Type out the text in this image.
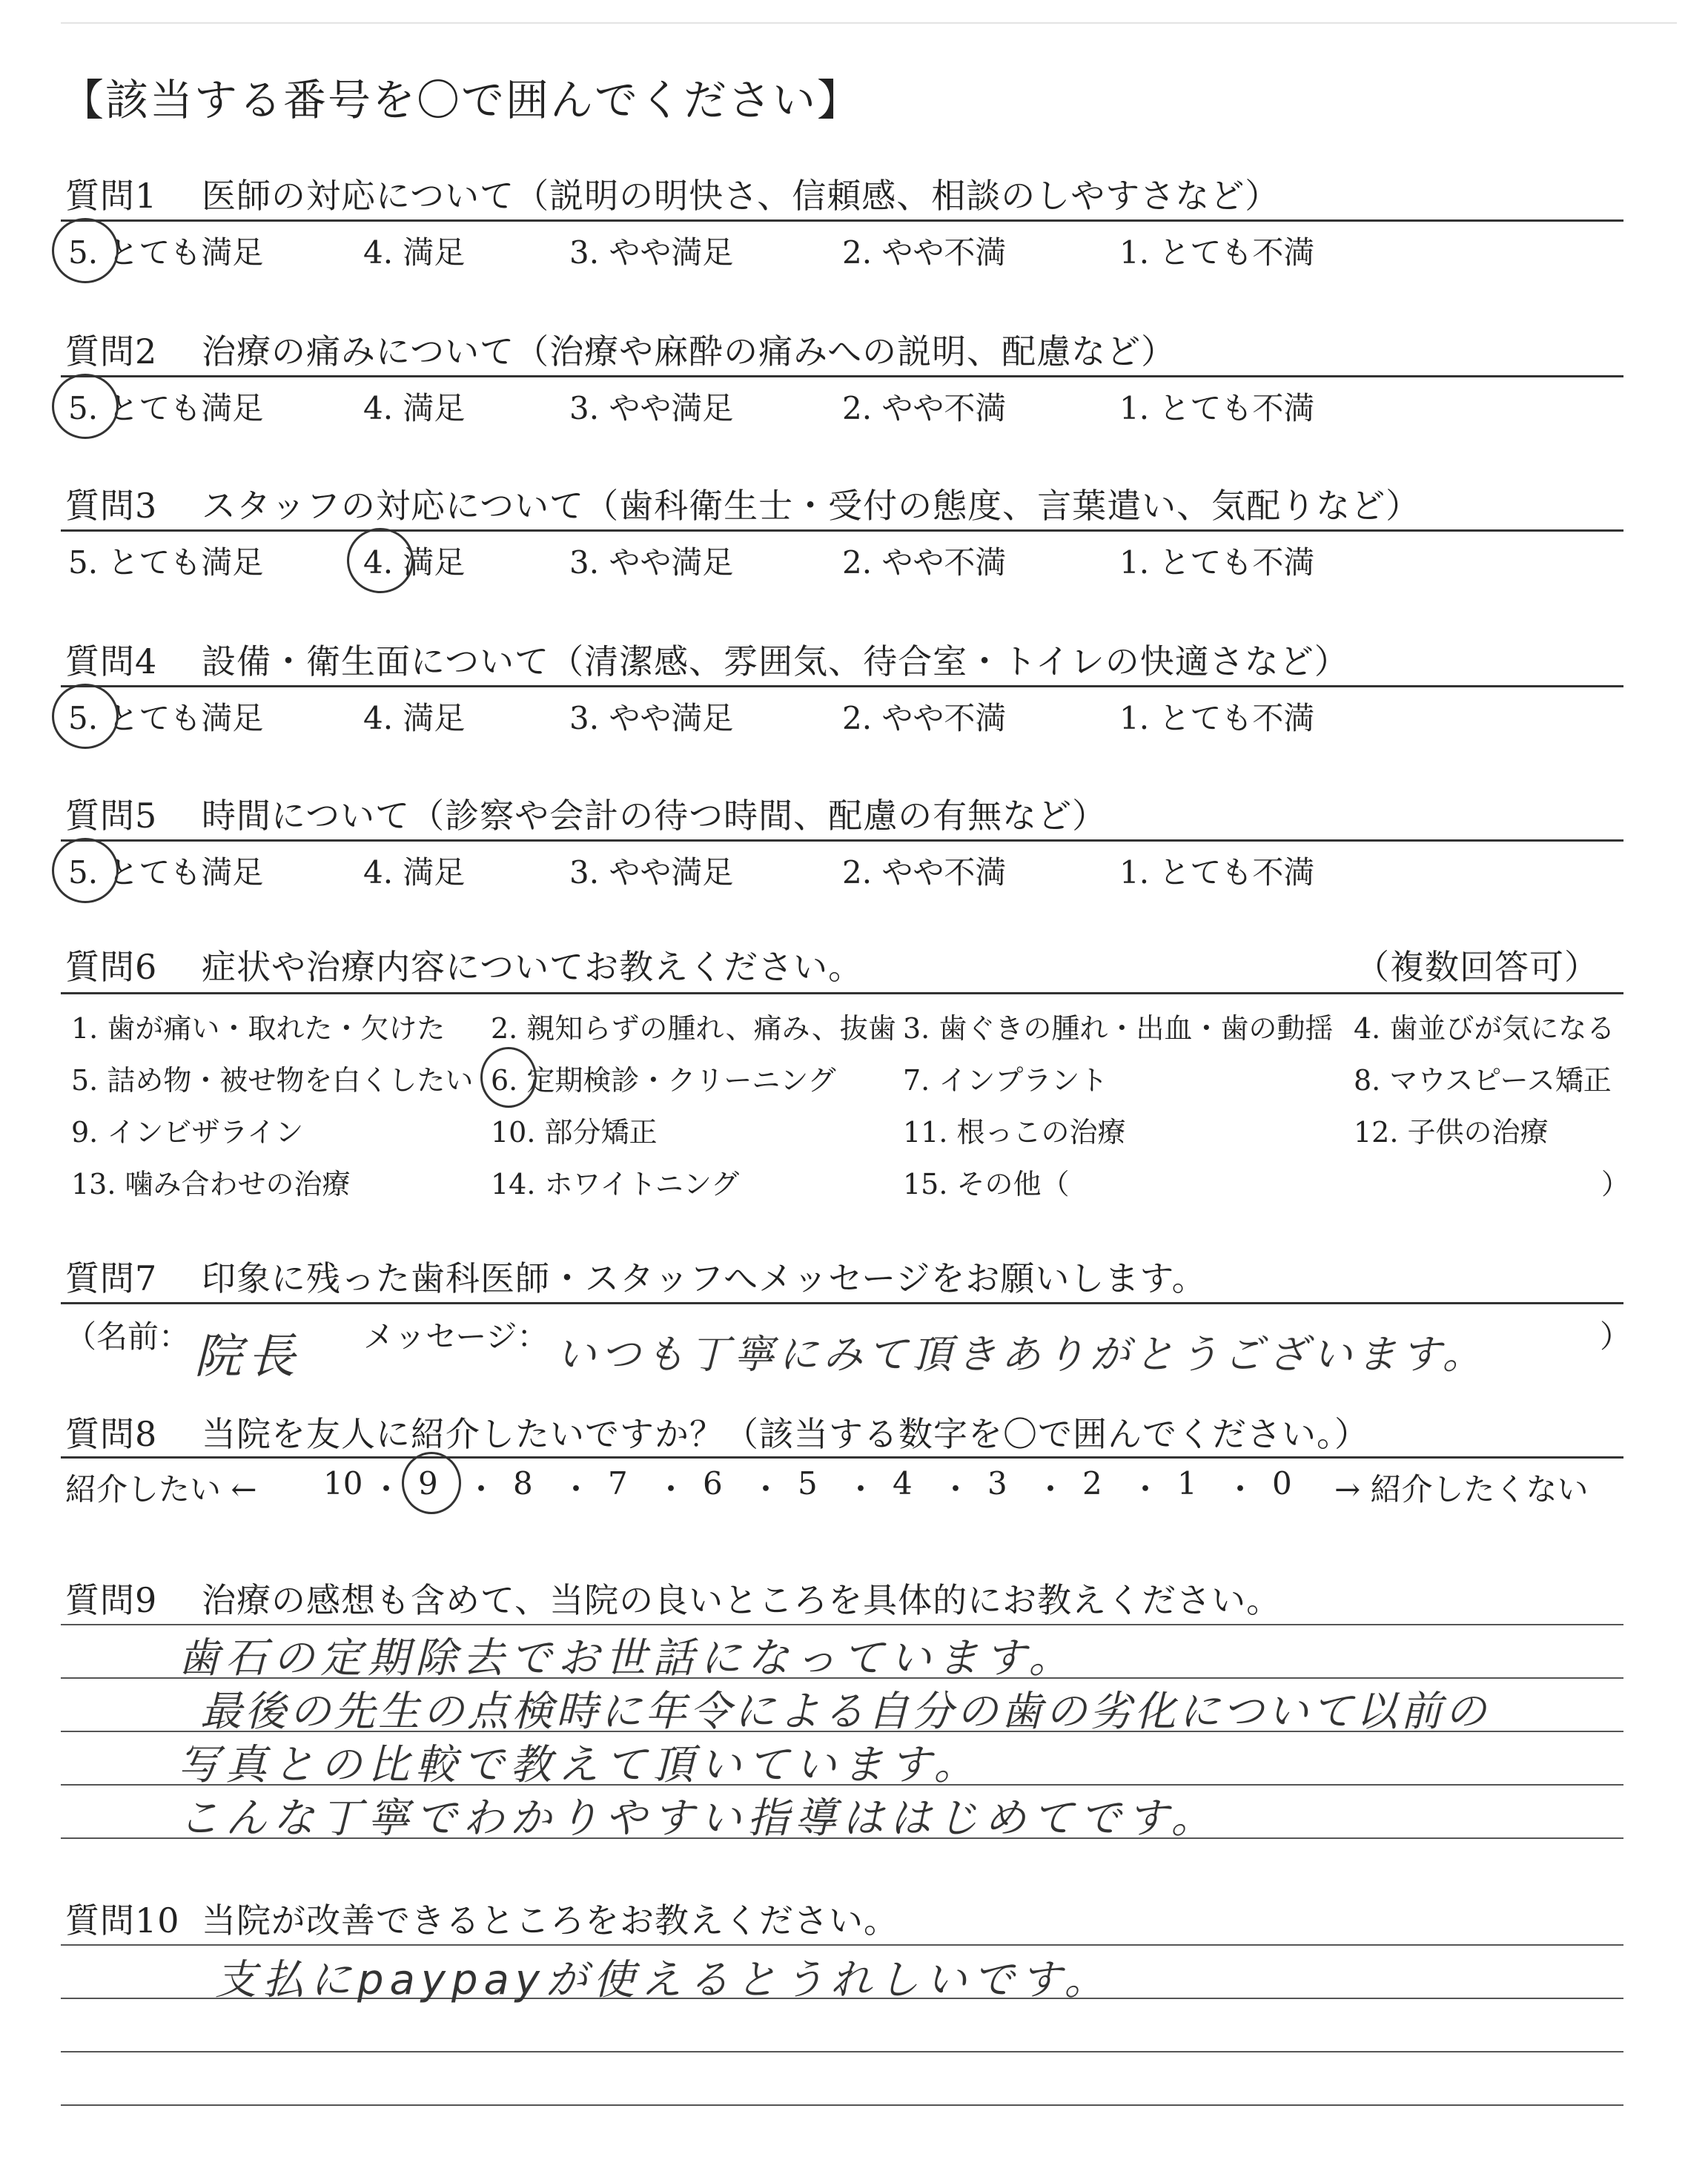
【該当する番号を〇で囲んでください】
質問1 医師の対応について（説明の明快さ、信頼感、相談のしやすさなど）
5. とても満足	4. 満足	3. やや満足	2. やや不満	1. とても不満
質問2 治療の痛みについて（治療や麻酔の痛みへの説明、配慮など）
5. とても満足	4. 満足	3. やや満足	2. やや不満	1. とても不満
質問3 スタッフの対応について（歯科衛生士・受付の態度、言葉遣い、気配りなど）
5. とても満足	4. 満足	3. やや満足	2. やや不満	1. とても不満
質問4 設備・衛生面について（清潔感、雰囲気、待合室・トイレの快適さなど）
5. とても満足	4. 満足	3. やや満足	2. やや不満	1. とても不満
質問5 時間について（診察や会計の待つ時間、配慮の有無など）
5. とても満足	4. 満足	3. やや満足	2. やや不満	1. とても不満
質問6 症状や治療内容についてお教えください。	（複数回答可）
1. 歯が痛い・取れた・欠けた 2. 親知らずの腫れ、痛み、抜歯 3. 歯ぐきの腫れ・出血・歯の動揺 4. 歯並びが気になる
5. 詰め物・被せ物を白くしたい 6. 定期検診・クリーニング 7. インプラント	8. マウスピース矯正
9. インビザライン	10. 部分矯正	11. 根っこの治療	12. 子供の治療
13. 噛み合わせの治療	14. ホワイトニング	15. その他（	）
質問7 印象に残った歯科医師・スタッフへメッセージをお願いします。
（名前： 院長 メッセージ： いつも丁寧にみて頂きありがとうございます。	）
質問8 当院を友人に紹介したいですか？（該当する数字を〇で囲んでください。）
紹介したい ← 10 ・ 9 ・ 8 ・ 7 ・ 6 ・ 5 ・ 4 ・ 3 ・ 2 ・ 1 ・ 0 → 紹介したくない
質問9 治療の感想も含めて、当院の良いところを具体的にお教えください。
歯石の定期除去でお世話になっています。
最後の先生の点検時に年令による自分の歯の劣化について以前の
写真との比較で教えて頂いています。
こんな丁寧でわかりやすい指導ははじめてです。
質問10 当院が改善できるところをお教えください。
支払にpaypayが使えるとうれしいです。
